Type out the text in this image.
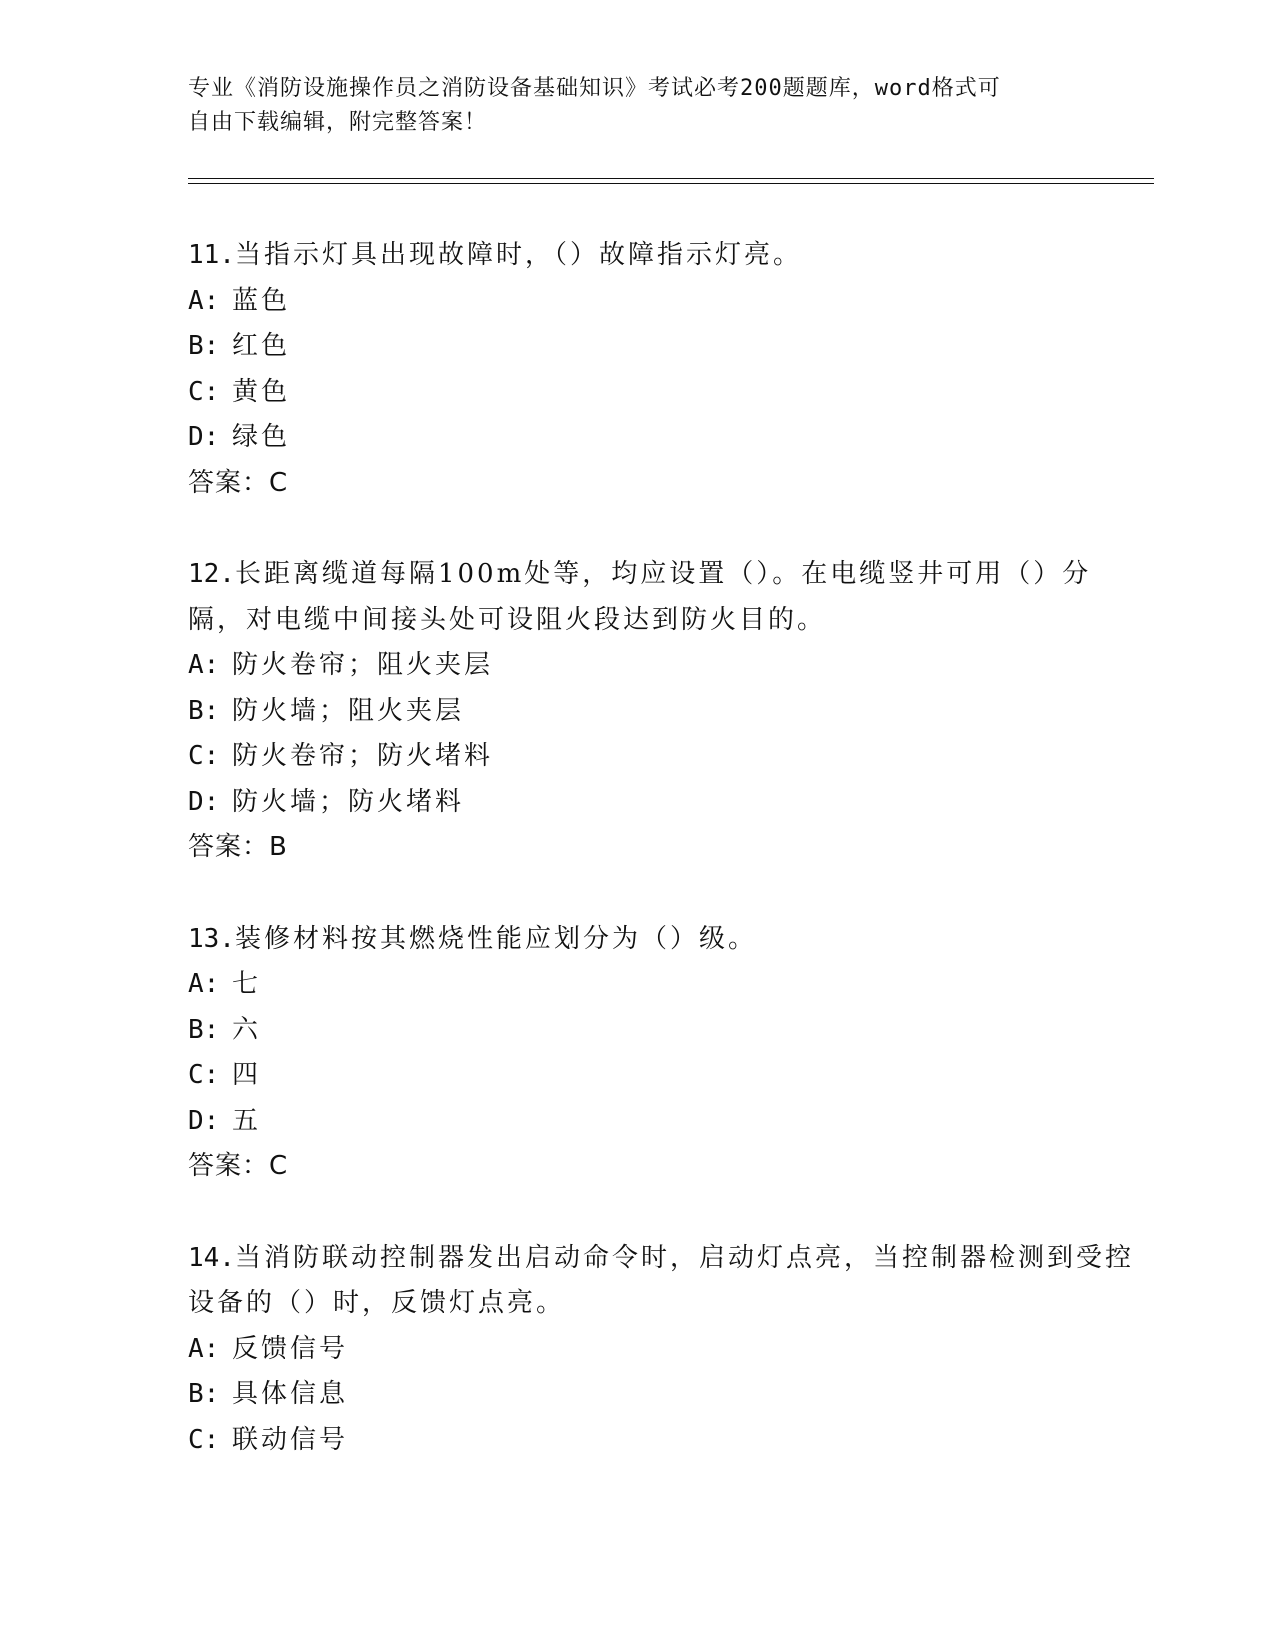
专业《消防设施操作员之消防设备基础知识》考试必考200题题库，word格式可
自由下载编辑，附完整答案！
11.当指示灯具出现故障时，（）故障指示灯亮。
A: 蓝色
B: 红色
C: 黄色
D: 绿色
答案：C
12.长距离缆道每隔100m处等，均应设置（）。在电缆竖井可用（）分隔，对电缆中间接头处可设阻火段达到防火目的。
A: 防火卷帘；阻火夹层
B: 防火墙；阻火夹层
C: 防火卷帘；防火堵料
D: 防火墙；防火堵料
答案：B
13.装修材料按其燃烧性能应划分为（）级。
A: 七
B: 六
C: 四
D: 五
答案：C
14.当消防联动控制器发出启动命令时，启动灯点亮，当控制器检测到受控设备的（）时，反馈灯点亮。
A: 反馈信号
B: 具体信息
C: 联动信号
